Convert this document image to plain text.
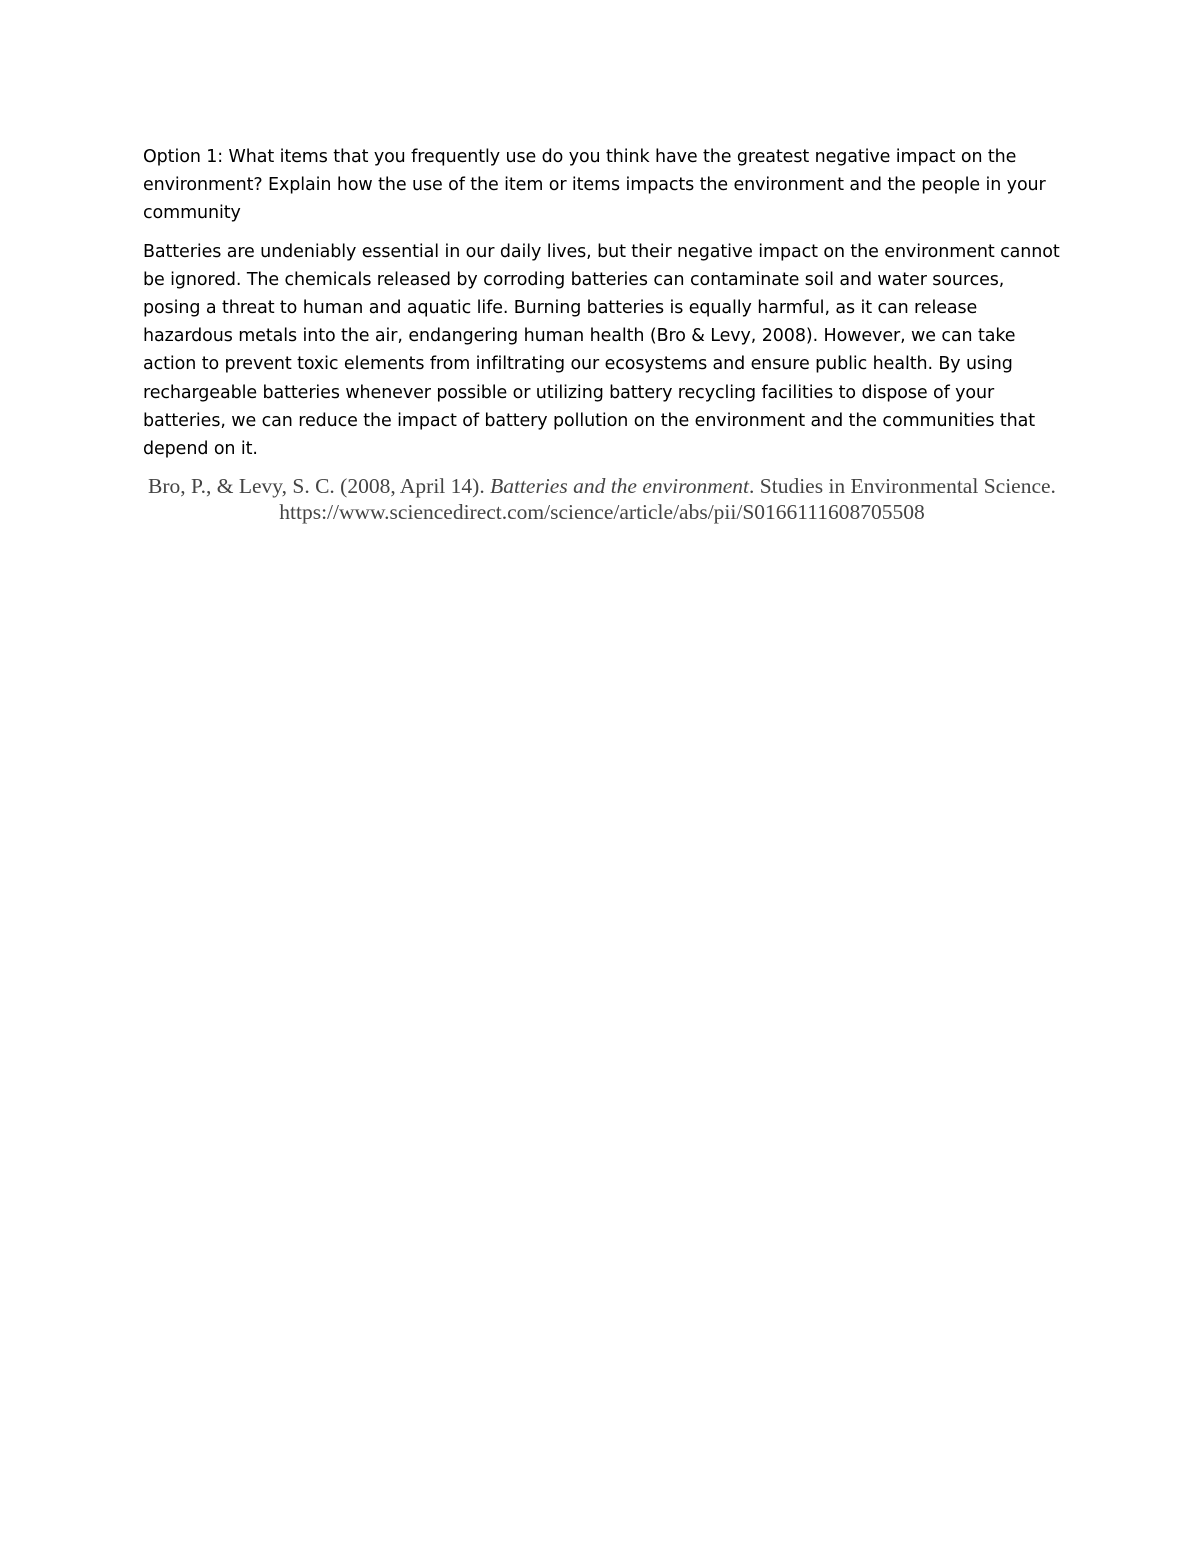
Option 1: What items that you frequently use do you think have the greatest negative impact on the environment? Explain how the use of the item or items impacts the environment and the people in your community

Batteries are undeniably essential in our daily lives, but their negative impact on the environment cannot be ignored. The chemicals released by corroding batteries can contaminate soil and water sources, posing a threat to human and aquatic life. Burning batteries is equally harmful, as it can release hazardous metals into the air, endangering human health (Bro & Levy, 2008). However, we can take action to prevent toxic elements from infiltrating our ecosystems and ensure public health. By using rechargeable batteries whenever possible or utilizing battery recycling facilities to dispose of your batteries, we can reduce the impact of battery pollution on the environment and the communities that depend on it.

Bro, P., & Levy, S. C. (2008, April 14). Batteries and the environment. Studies in Environmental Science. https://www.sciencedirect.com/science/article/abs/pii/S0166111608705508
